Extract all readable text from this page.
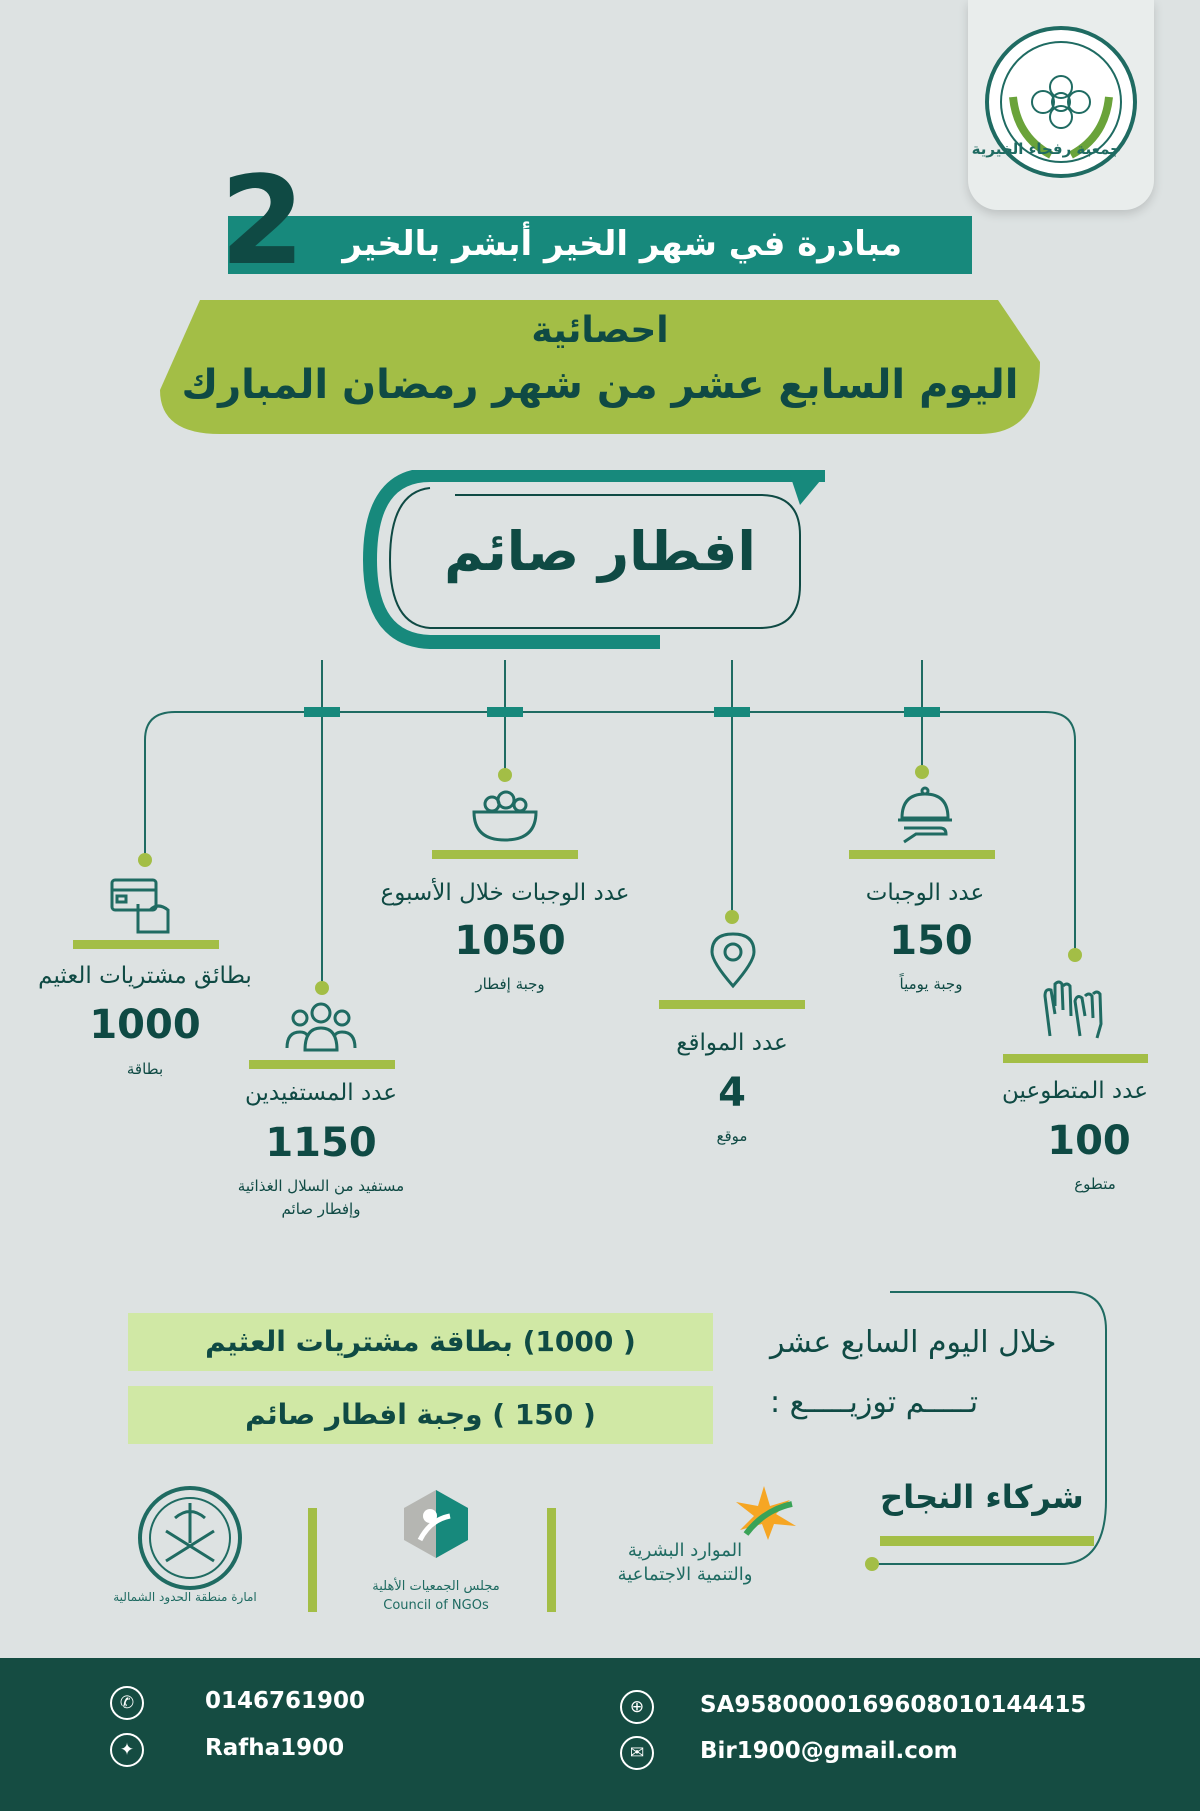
جمعية رفحاء الخيرية
مبادرة في شهر الخير أبشر بالخير
2
احصائية
اليوم السابع عشر من شهر رمضان المبارك
افطار صائم
عدد المتطوعين
100
متطوع
عدد الوجبات
150
وجبة يومياً
عدد المواقع
4
موقع
عدد الوجبات خلال الأسبوع
1050
وجبة إفطار
عدد المستفيدين
1150
مستفيد من السلال الغذائية
وإفطار صائم
بطائق مشتريات العثيم
1000
بطاقة
( 1000) بطاقة مشتريات العثيم
( 150 ) وجبة افطار صائم
خلال اليوم السابع عشر
تـــــم توزيـــــع :
شركاء النجاح
الموارد البشرية
والتنمية الاجتماعية
مجلس الجمعيات الأهلية
Council of NGOs
امارة منطقة الحدود الشمالية
✆	0146761900
✦	Rafha1900
⊕	SA9580000169608010144415
✉	Bir1900@gmail.com
